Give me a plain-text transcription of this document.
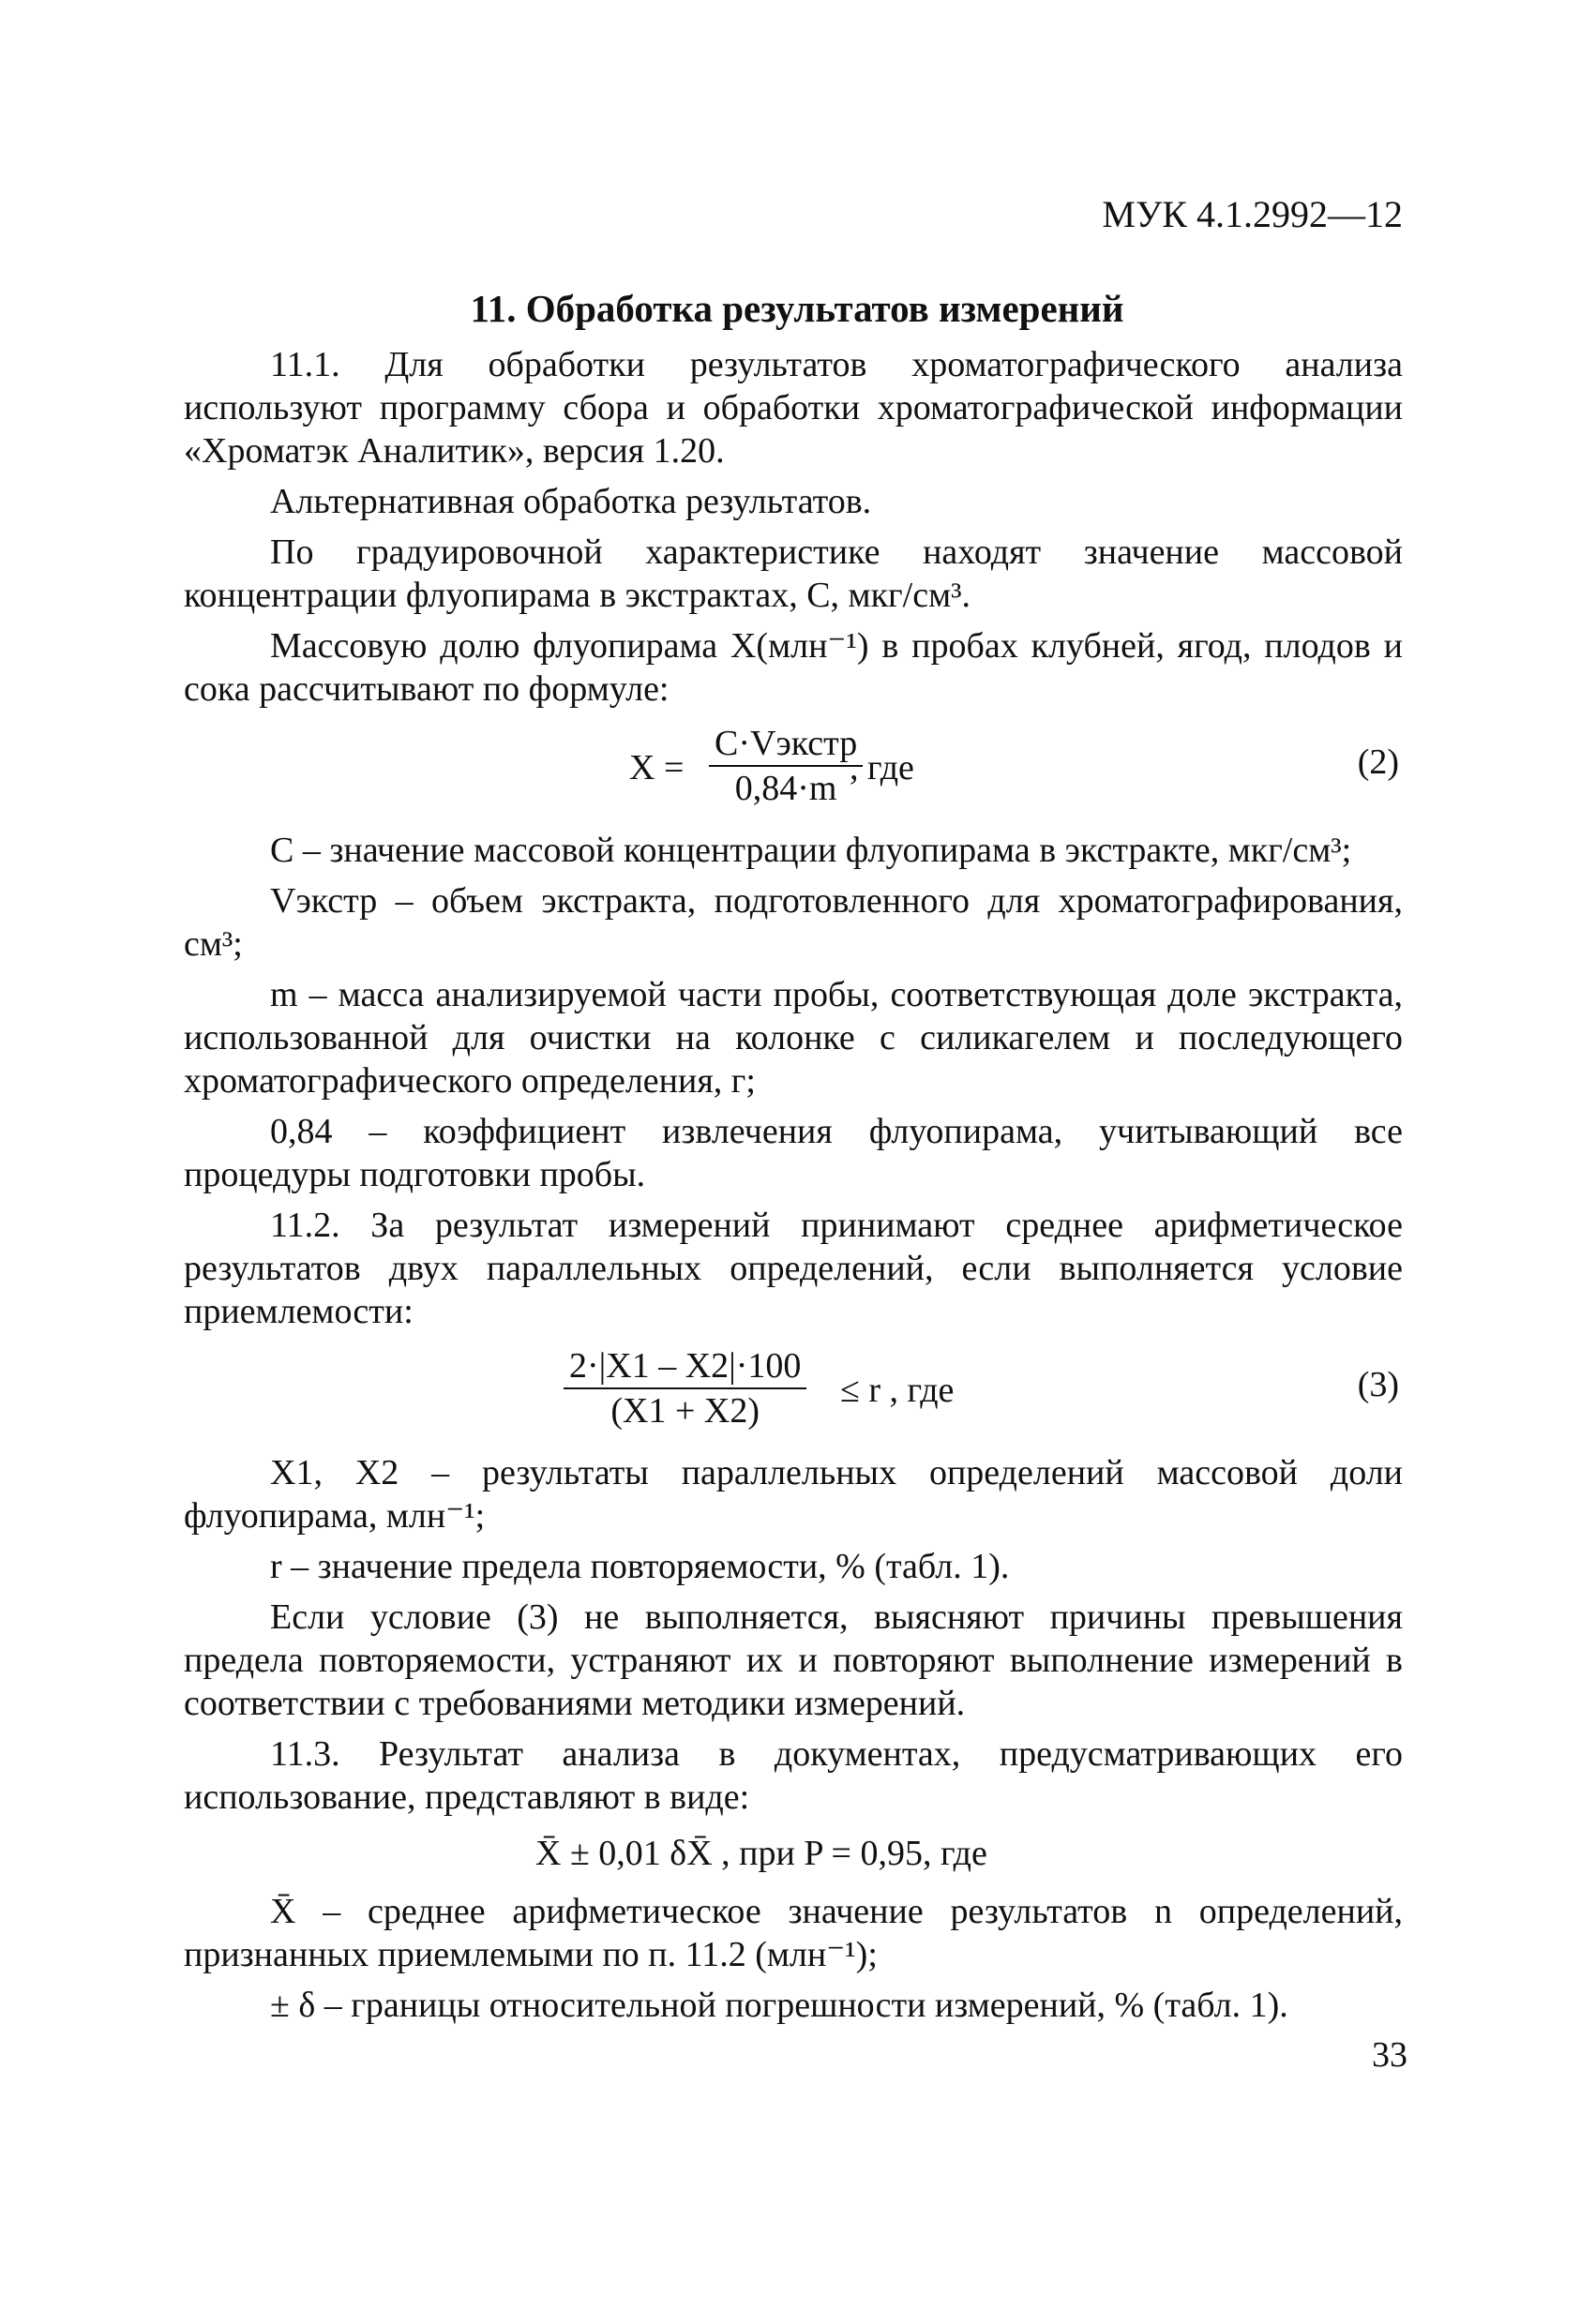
МУК 4.1.2992—12
11. Обработка результатов измерений

11.1. Для обработки результатов хроматографического анализа используют программу сбора и обработки хроматографической информации «Хроматэк Аналитик», версия 1.20.

Альтернативная обработка результатов.

По градуировочной характеристике находят значение массовой концентрации флуопирама в экстрактах, C, мкг/см³.

Массовую долю флуопирама X(млн⁻¹) в пробах клубней, ягод, плодов и сока рассчитывают по формуле:

X =
C·Vэкстр
0,84·m
, где	(2)

C – значение массовой концентрации флуопирама в экстракте, мкг/см³;

Vэкстр – объем экстракта, подготовленного для хроматографирования, см³;

m – масса анализируемой части пробы, соответствующая доле экстракта, использованной для очистки на колонке с силикагелем и последующего хроматографического определения, г;

0,84 – коэффициент извлечения флуопирама, учитывающий все процедуры подготовки пробы.

11.2. За результат измерений принимают среднее арифметическое результатов двух параллельных определений, если выполняется условие приемлемости:

$\frac{2\cdot|X1 - X2|\cdot 100}{(X1 + X2)} \le r$ , где	(3)

X1, X2 – результаты параллельных определений массовой доли флуопирама, млн⁻¹;

r – значение предела повторяемости, % (табл. 1).

Если условие (3) не выполняется, выясняют причины превышения предела повторяемости, устраняют их и повторяют выполнение измерений в соответствии с требованиями методики измерений.

11.3. Результат анализа в документах, предусматривающих его использование, представляют в виде:

X̄ ± 0,01 δX̄ , при P = 0,95, где

X̄ – среднее арифметическое значение результатов n определений, признанных приемлемыми по п. 11.2 (млн⁻¹);

± δ – границы относительной погрешности измерений, % (табл. 1).

33
